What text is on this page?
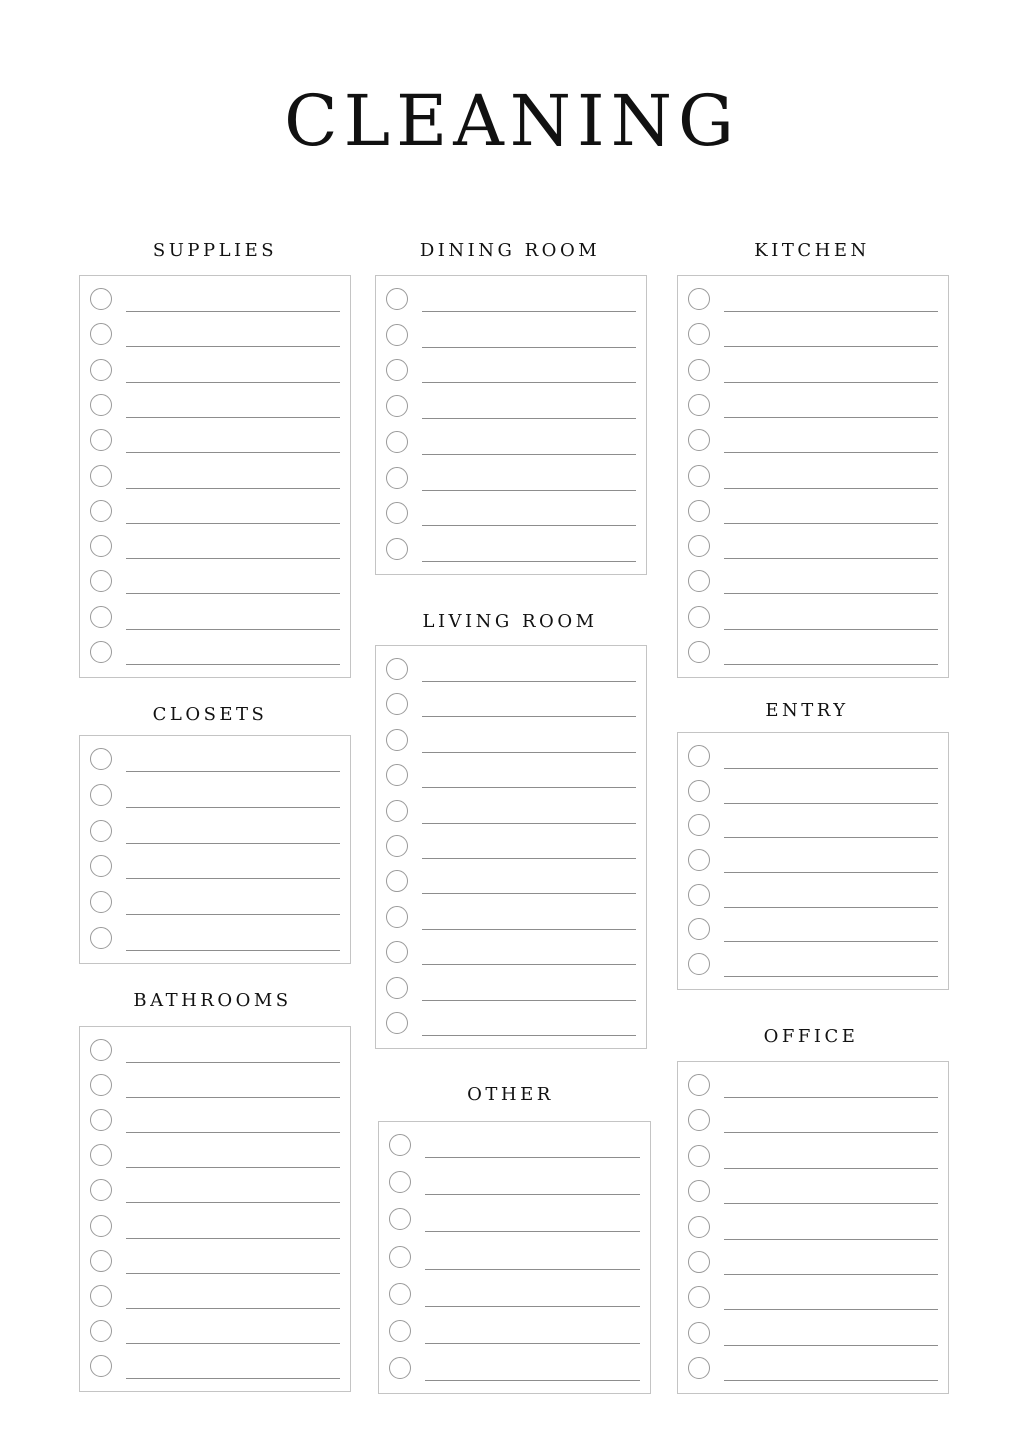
CLEANING
SUPPLIES	DINING ROOM	KITCHEN
LIVING ROOM
CLOSETS	ENTRY
BATHROOMS
OTHER
OFFICE
